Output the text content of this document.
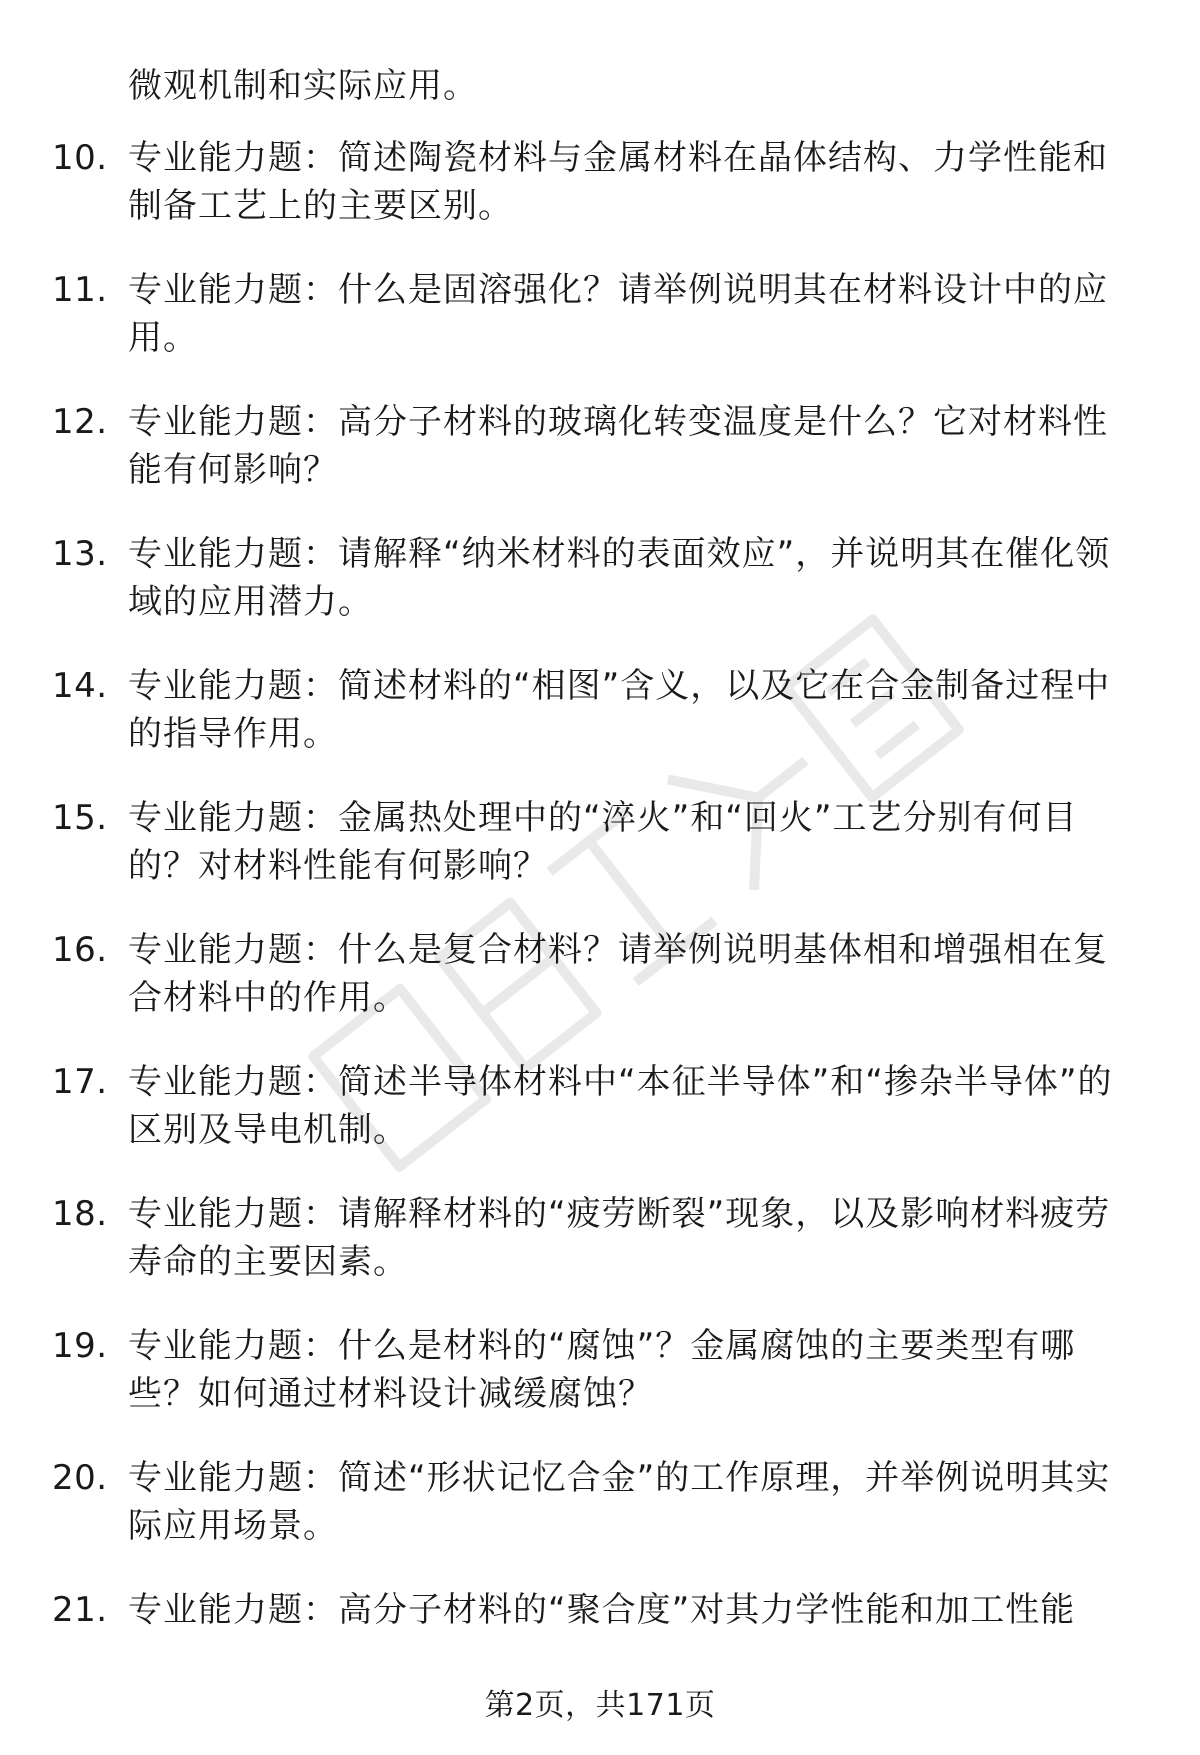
微观机制和实际应用。
10. 专业能力题：简述陶瓷材料与金属材料在晶体结构、力学性能和制备工艺上的主要区别。
11. 专业能力题：什么是固溶强化？请举例说明其在材料设计中的应用。
12. 专业能力题：高分子材料的玻璃化转变温度是什么？它对材料性能有何影响？
13. 专业能力题：请解释“纳米材料的表面效应”，并说明其在催化领域的应用潜力。
14. 专业能力题：简述材料的“相图”含义，以及它在合金制备过程中的指导作用。
15. 专业能力题：金属热处理中的“淬火”和“回火”工艺分别有何目的？对材料性能有何影响？
16. 专业能力题：什么是复合材料？请举例说明基体相和增强相在复合材料中的作用。
17. 专业能力题：简述半导体材料中“本征半导体”和“掺杂半导体”的区别及导电机制。
18. 专业能力题：请解释材料的“疲劳断裂”现象，以及影响材料疲劳寿命的主要因素。
19. 专业能力题：什么是材料的“腐蚀”？金属腐蚀的主要类型有哪些？如何通过材料设计减缓腐蚀？
20. 专业能力题：简述“形状记忆合金”的工作原理，并举例说明其实际应用场景。
21. 专业能力题：高分子材料的“聚合度”对其力学性能和加工性能
第2页，共171页
